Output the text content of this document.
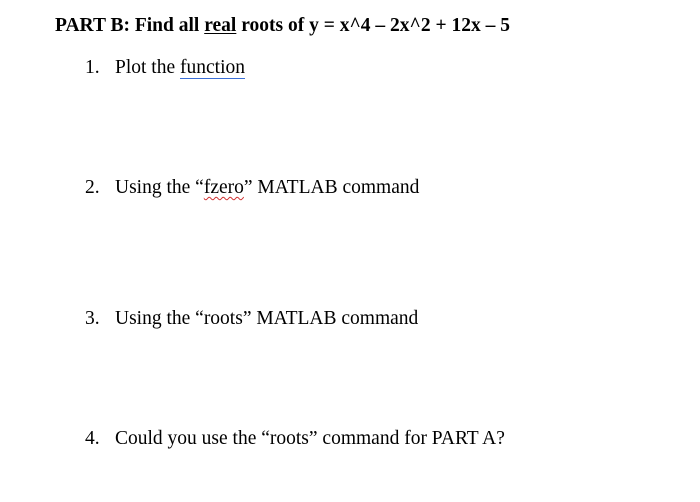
PART B: Find all real roots of y = x^4 – 2x^2 + 12x – 5
1. Plot the function
2. Using the “fzero” MATLAB command
3. Using the “roots” MATLAB command
4. Could you use the “roots” command for PART A?
